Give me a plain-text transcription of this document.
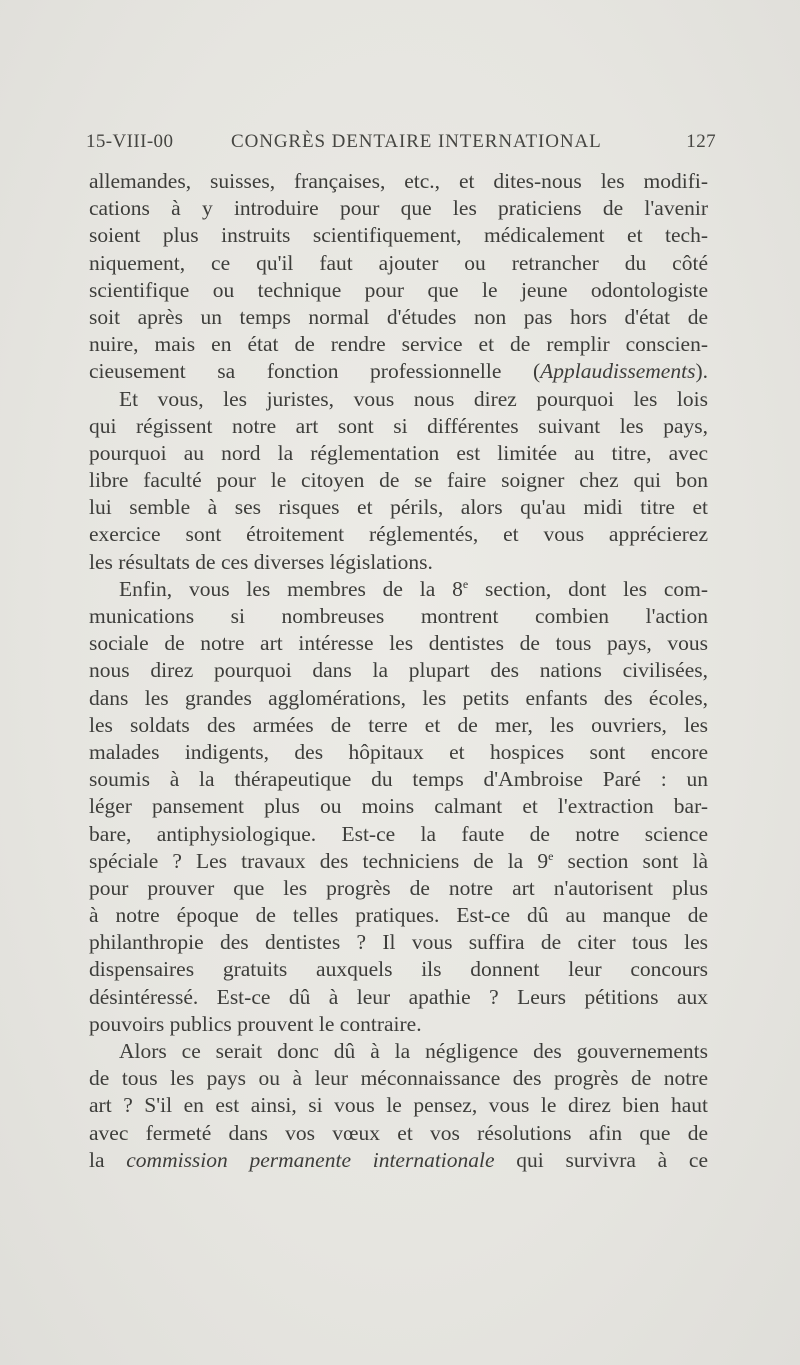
15-VIII-00	CONGRÈS DENTAIRE INTERNATIONAL	127
allemandes, suisses, françaises, etc., et dites-nous les modifi-
cations à y introduire pour que les praticiens de l'avenir
soient plus instruits scientifiquement, médicalement et tech-
niquement, ce qu'il faut ajouter ou retrancher du côté
scientifique ou technique pour que le jeune odontologiste
soit après un temps normal d'études non pas hors d'état de
nuire, mais en état de rendre service et de remplir conscien-
cieusement sa fonction professionnelle (Applaudissements).
Et vous, les juristes, vous nous direz pourquoi les lois
qui régissent notre art sont si différentes suivant les pays,
pourquoi au nord la réglementation est limitée au titre, avec
libre faculté pour le citoyen de se faire soigner chez qui bon
lui semble à ses risques et périls, alors qu'au midi titre et
exercice sont étroitement réglementés, et vous apprécierez
les résultats de ces diverses législations.
Enfin, vous les membres de la 8e section, dont les com-
munications si nombreuses montrent combien l'action
sociale de notre art intéresse les dentistes de tous pays, vous
nous direz pourquoi dans la plupart des nations civilisées,
dans les grandes agglomérations, les petits enfants des écoles,
les soldats des armées de terre et de mer, les ouvriers, les
malades indigents, des hôpitaux et hospices sont encore
soumis à la thérapeutique du temps d'Ambroise Paré : un
léger pansement plus ou moins calmant et l'extraction bar-
bare, antiphysiologique. Est-ce la faute de notre science
spéciale ? Les travaux des techniciens de la 9e section sont là
pour prouver que les progrès de notre art n'autorisent plus
à notre époque de telles pratiques. Est-ce dû au manque de
philanthropie des dentistes ? Il vous suffira de citer tous les
dispensaires gratuits auxquels ils donnent leur concours
désintéressé. Est-ce dû à leur apathie ? Leurs pétitions aux
pouvoirs publics prouvent le contraire.
Alors ce serait donc dû à la négligence des gouvernements
de tous les pays ou à leur méconnaissance des progrès de notre
art ? S'il en est ainsi, si vous le pensez, vous le direz bien haut
avec fermeté dans vos vœux et vos résolutions afin que de
la commission permanente internationale qui survivra à ce
